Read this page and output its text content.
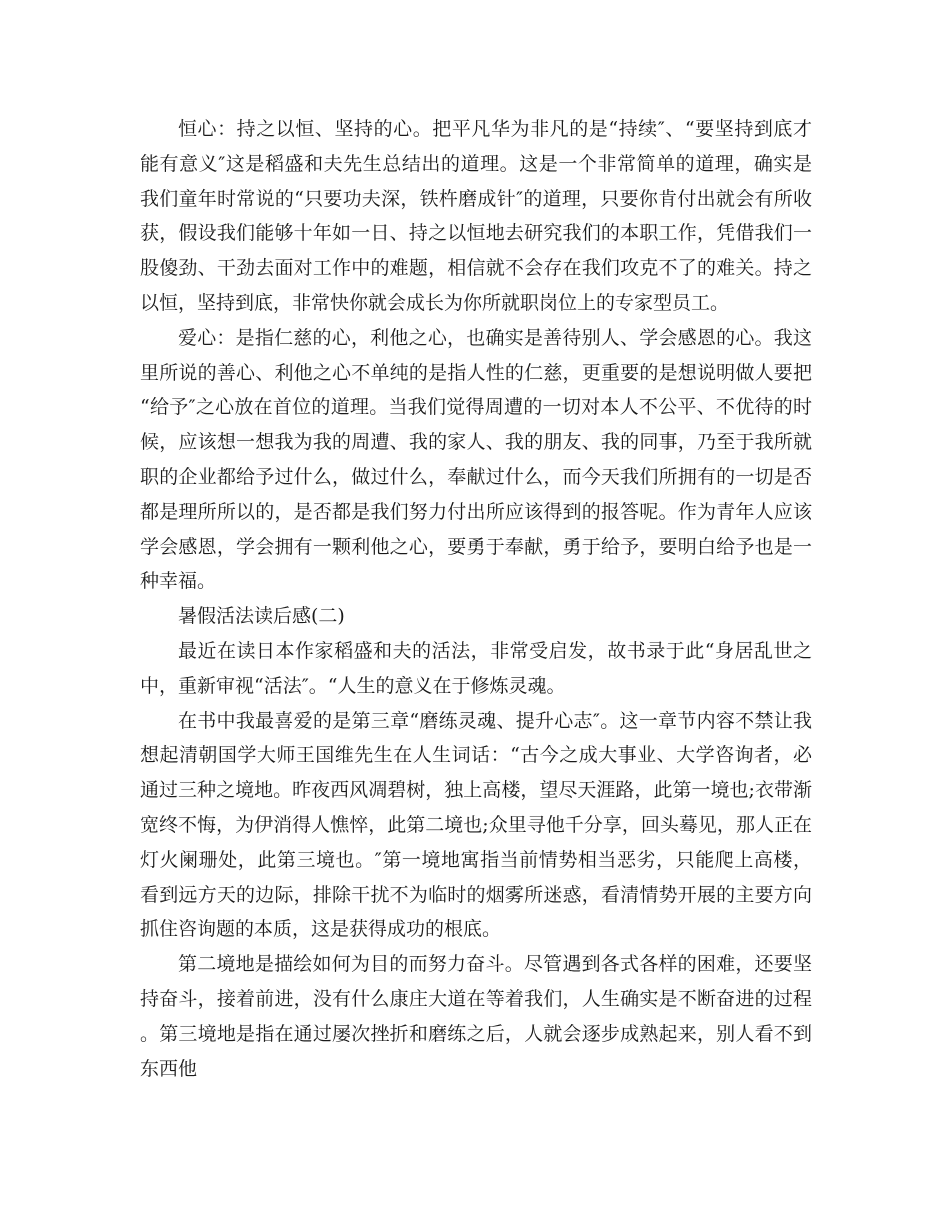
恒心：持之以恒、坚持的心。把平凡华为非凡的是“持续″、“要坚持到底才能有意义″这是稻盛和夫先生总结出的道理。这是一个非常简单的道理，确实是我们童年时常说的“只要功夫深，铁杵磨成针″的道理，只要你肯付出就会有所收获，假设我们能够十年如一日、持之以恒地去研究我们的本职工作，凭借我们一股傻劲、干劲去面对工作中的难题，相信就不会存在我们攻克不了的难关。持之以恒，坚持到底，非常快你就会成长为你所就职岗位上的专家型员工。

爱心：是指仁慈的心，利他之心，也确实是善待别人、学会感恩的心。我这里所说的善心、利他之心不单纯的是指人性的仁慈，更重要的是想说明做人要把“给予″之心放在首位的道理。当我们觉得周遭的一切对本人不公平、不优待的时候，应该想一想我为我的周遭、我的家人、我的朋友、我的同事，乃至于我所就职的企业都给予过什么，做过什么，奉献过什么，而今天我们所拥有的一切是否都是理所所以的，是否都是我们努力付出所应该得到的报答呢。作为青年人应该学会感恩，学会拥有一颗利他之心，要勇于奉献，勇于给予，要明白给予也是一种幸福。

暑假活法读后感(二)

最近在读日本作家稻盛和夫的活法，非常受启发，故书录于此“身居乱世之中，重新审视“活法″。“人生的意义在于修炼灵魂。

在书中我最喜爱的是第三章“磨练灵魂、提升心志″。这一章节内容不禁让我想起清朝国学大师王国维先生在人生词话：“古今之成大事业、大学咨询者，必通过三种之境地。昨夜西风凋碧树，独上高楼，望尽天涯路，此第一境也;衣带渐宽终不悔，为伊消得人憔悴，此第二境也;众里寻他千分享，回头蓦见，那人正在灯火阑珊处，此第三境也。″第一境地寓指当前情势相当恶劣，只能爬上高楼，看到远方天的边际，排除干扰不为临时的烟雾所迷惑，看清情势开展的主要方向抓住咨询题的本质，这是获得成功的根底。

第二境地是描绘如何为目的而努力奋斗。尽管遇到各式各样的困难，还要坚持奋斗，接着前进，没有什么康庄大道在等着我们，人生确实是不断奋进的过程。第三境地是指在通过屡次挫折和磨练之后，人就会逐步成熟起来，别人看不到东西他
